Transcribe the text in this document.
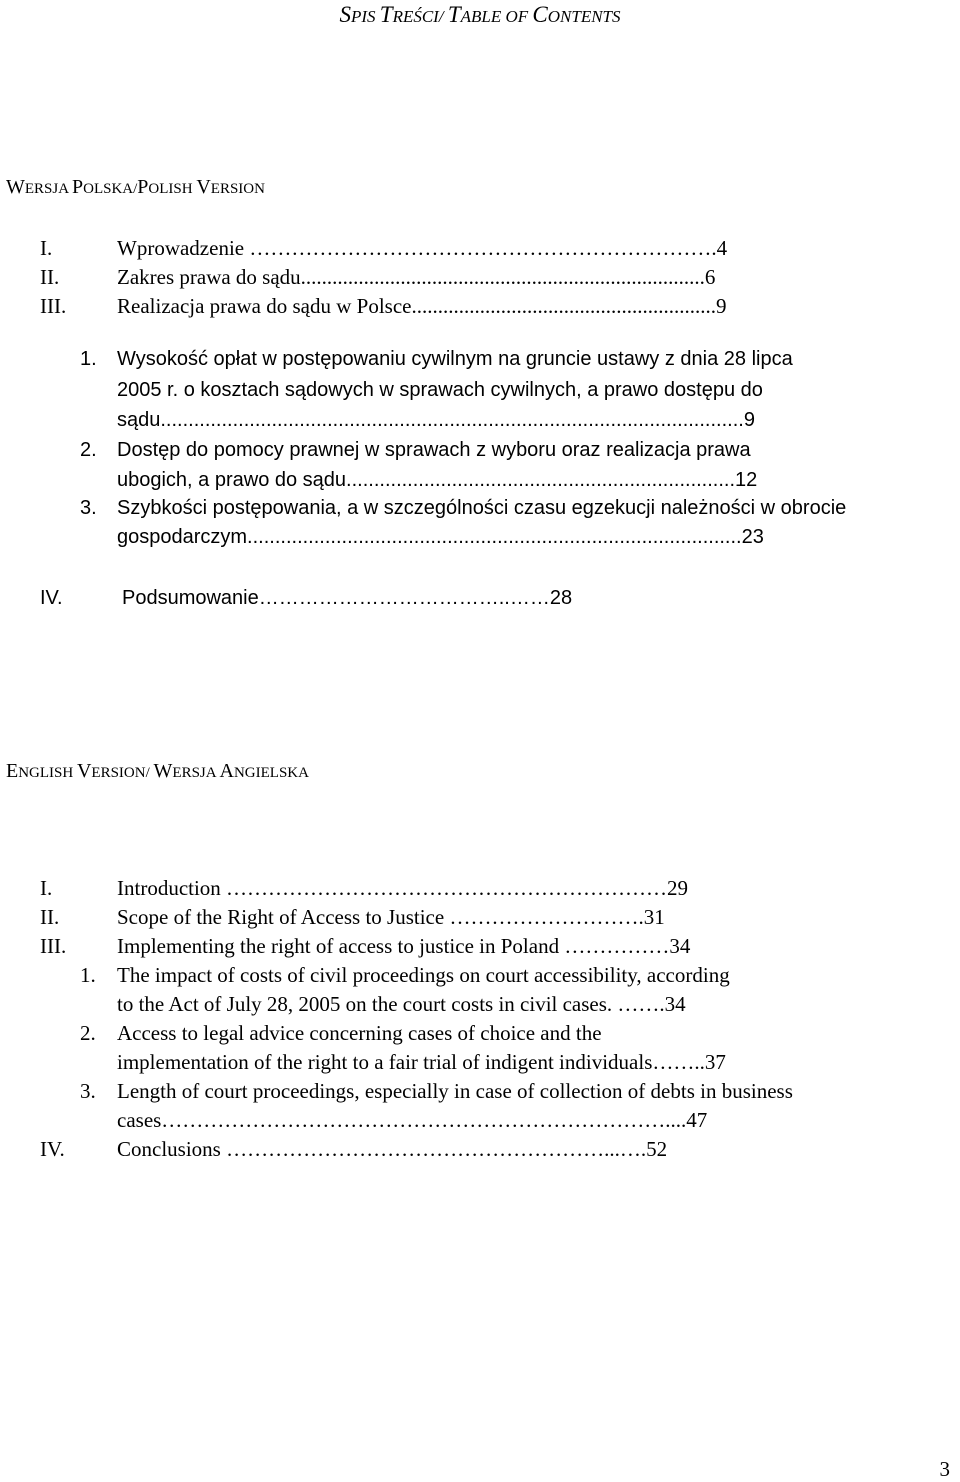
SPIS TREŚCI/ TABLE OF CONTENTS
WERSJA POLSKA/POLISH VERSION
I.	Wprowadzenie ………………………………………………………….4
II.	Zakres prawa do sądu.............................................................................6
III. Realizacja prawa do sądu w Polsce..........................................................9
1. Wysokość opłat w postępowaniu cywilnym na gruncie ustawy z dnia 28 lipca
2005 r. o kosztach sądowych w sprawach cywilnych, a prawo dostępu do
sądu.........................................................................................................9
2. Dostęp do pomocy prawnej w sprawach z wyboru oraz realizacja prawa
ubogich, a prawo do sądu......................................................................12
3. Szybkości postępowania, a w szczególności czasu egzekucji należności w obrocie
gospodarczym.........................................................................................23
IV.	Podsumowanie………………………………..……28
ENGLISH VERSION/ WERSJA ANGIELSKA
I.	Introduction ………………………………………………………29
II.	Scope of the Right of Access to Justice ……………………….31
III. Implementing the right of access to justice in Poland ……………34
1. The impact of costs of civil proceedings on court accessibility, according
to the Act of July 28, 2005 on the court costs in civil cases. …….34
2. Access to legal advice concerning cases of choice and the
implementation of the right to a fair trial of indigent individuals……..37
3. Length of court proceedings, especially in case of collection of debts in business
cases………………………………………………………………....47
IV. Conclusions ………………………………………………...….52
3
